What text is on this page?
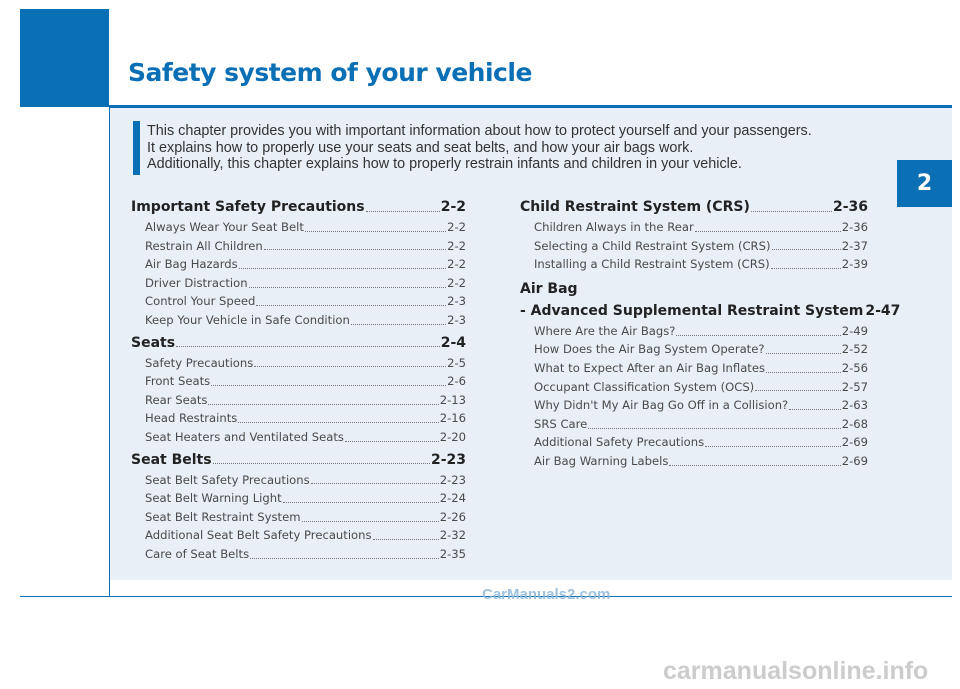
Safety system of your vehicle

This chapter provides you with important information about how to protect yourself and your passengers.
It explains how to properly use your seats and seat belts, and how your air bags work.
Additionally, this chapter explains how to properly restrain infants and children in your vehicle.

2
Important Safety Precautions	2-2
Always Wear Your Seat Belt	2-2
Restrain All Children	2-2
Air Bag Hazards	2-2
Driver Distraction	2-2
Control Your Speed	2-3
Keep Your Vehicle in Safe Condition	2-3
Seats	2-4
Safety Precautions	2-5
Front Seats	2-6
Rear Seats	2-13
Head Restraints	2-16
Seat Heaters and Ventilated Seats	2-20
Seat Belts	2-23
Seat Belt Safety Precautions	2-23
Seat Belt Warning Light	2-24
Seat Belt Restraint System	2-26
Additional Seat Belt Safety Precautions	2-32
Care of Seat Belts	2-35
Child Restraint System (CRS)	2-36
Children Always in the Rear	2-36
Selecting a Child Restraint System (CRS)	2-37
Installing a Child Restraint System (CRS)	2-39
Air Bag
- Advanced Supplemental Restraint System 2-47
Where Are the Air Bags?	2-49
How Does the Air Bag System Operate?	2-52
What to Expect After an Air Bag Inflates	2-56
Occupant Classification System (OCS)	2-57
Why Didn't My Air Bag Go Off in a Collision?	2-63
SRS Care	2-68
Additional Safety Precautions	2-69
Air Bag Warning Labels	2-69
CarManuals2.com
carmanualsonline.info
